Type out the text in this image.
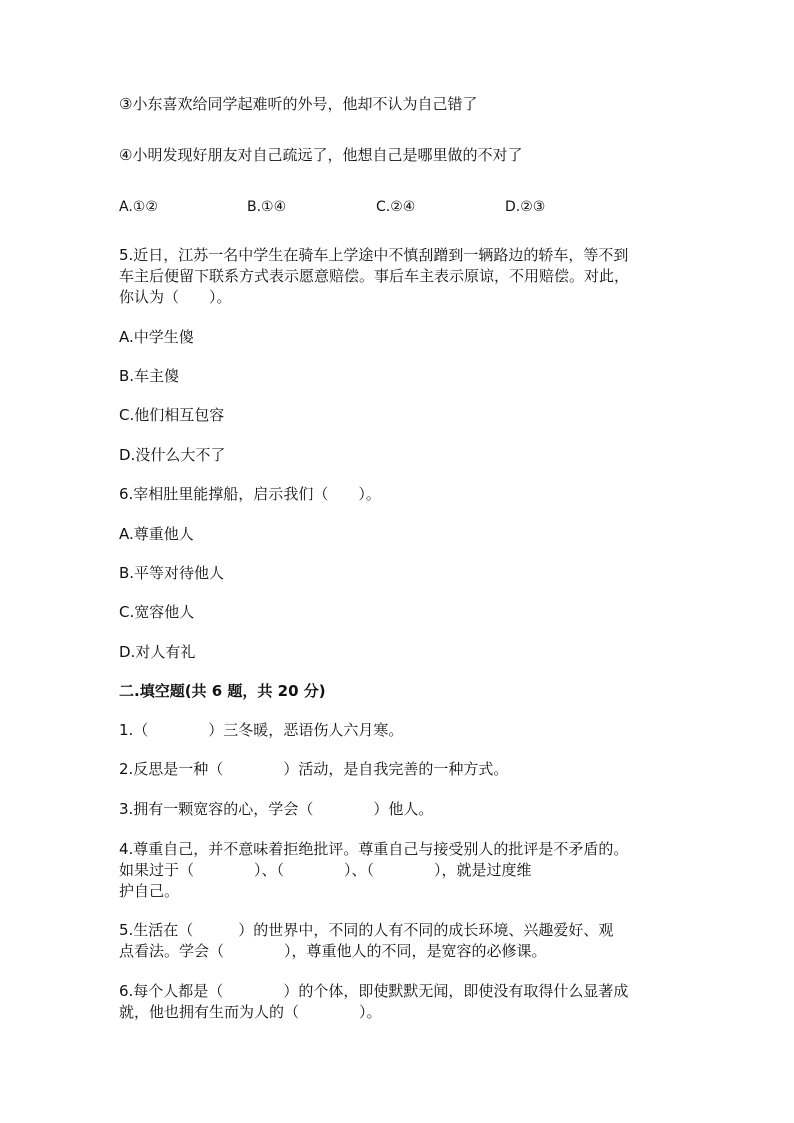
③小东喜欢给同学起难听的外号，他却不认为自己错了
④小明发现好朋友对自己疏远了，他想自己是哪里做的不对了
A.①②	B.①④	C.②④	D.②③
5.近日，江苏一名中学生在骑车上学途中不慎刮蹭到一辆路边的轿车，等不到
车主后便留下联系方式表示愿意赔偿。事后车主表示原谅，不用赔偿。对此，
你认为（　　）。
A.中学生傻
B.车主傻
C.他们相互包容
D.没什么大不了
6.宰相肚里能撑船，启示我们（　　）。
A.尊重他人
B.平等对待他人
C.宽容他人
D.对人有礼
二.填空题(共 6 题，共 20 分)
1.（　　　　）三冬暖，恶语伤人六月寒。
2.反思是一种（　　　　）活动，是自我完善的一种方式。
3.拥有一颗宽容的心，学会（　　　　）他人。
4.尊重自己，并不意味着拒绝批评。尊重自己与接受别人的批评是不矛盾的。
如果过于（　　　　）、（　　　　）、（　　　　），就是过度维
护自己。
5.生活在（　　　）的世界中，不同的人有不同的成长环境、兴趣爱好、观
点看法。学会（　　　　），尊重他人的不同，是宽容的必修课。
6.每个人都是（　　　　）的个体，即使默默无闻，即使没有取得什么显著成
就，他也拥有生而为人的（　　　　）。
